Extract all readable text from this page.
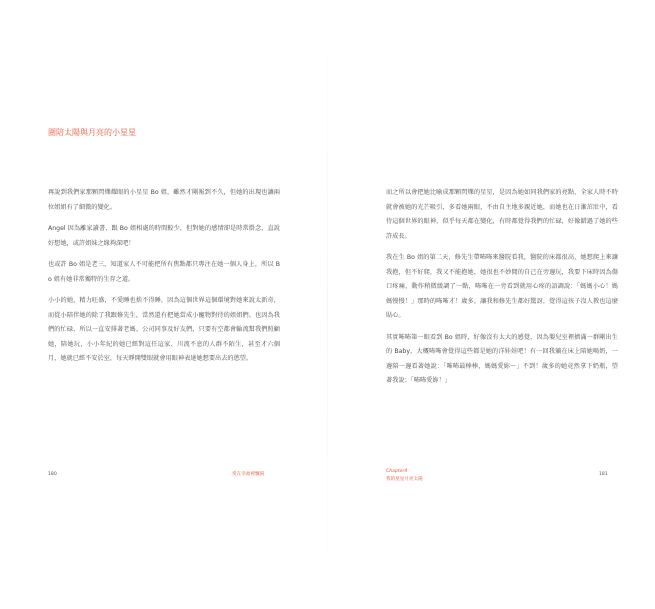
圍陪太陽與月亮的小星星

再說到我們家那顆閃爍耀眼的小星星 Bo 姐，雖然才剛報到不久，但她的出現也讓兩位姐姐有了細微的變化。

Angel 因為離家讀書，跟 Bo 姐相處的時間較少，但對她的感情卻是時常掛念，直說好想她，或許姐妹之緣夠深吧！

也或許 Bo 姐是老三，知道家人不可能把所有焦點都只專注在她一個人身上，所以 Bo 姐有她非常獨特的生存之道。

小小的她，精力旺盛，不愛睡也捨不得睡，因為這個世界這個環境對她來說太新奇，而從小陪伴她的除了我跟修先生，當然還有把她當成小寵物對待的姐姐們。也因為我們的忙碌，所以一直安排著老媽、公司同事及好友們，只要有空都會輪流幫我們照顧她，陪她玩，小小年紀的她已經對這任這家、川流不息的人群不陌生，甚至才六個月，她就已經不安於室，每天睜開雙眼就會用眼神表達她想要出去的慾望。

180	愛在幸福裡飄揚

而之所以會把她比喻成那顆閃爍的星星，是因為她如同我們家的亮點，全家人時不時就會被她的光芒吸引，多看她兩眼，不由自主地多親近她，而她也在日漸茁壯中，看待這個世界的眼神，似乎每天都在變化，有時都覺得我們的忙碌，好像錯過了她的些許成長。

我在生 Bo 姐的第二天，修先生帶咘咘來醫院看我，醫院的床都很高，她想爬上來讓我抱，但不好爬，我又不能抱她，她很也不妙閒的自己在旁邊玩，我要下床時因為傷口疼痛，動作稍微緩調了一點，咘咘在一旁看到就用心疼的語調說：「媽媽小心！媽媽慢慢！」那時的咘咘才！歲多，讓我和修先生都好驚訝，覺得這孩子沒人教也這麼貼心。

其實咘咘第一眼看到 Bo 姐時，好像沒有太大的感覺，因為嬰兒室裡擠滿一群剛出生的 Baby，大概咘咘會覺得這些都是她的洋娃娃吧！有一回我躺在床上陪她喝奶，一邊陪一邊看著她說：「咘咘最棒棒，媽媽愛妳～」不到！歲多的她竟然拿下奶瓶，望著我說：「咘咘愛妳！」

Chapter4
我的星星月亮太陽
181
